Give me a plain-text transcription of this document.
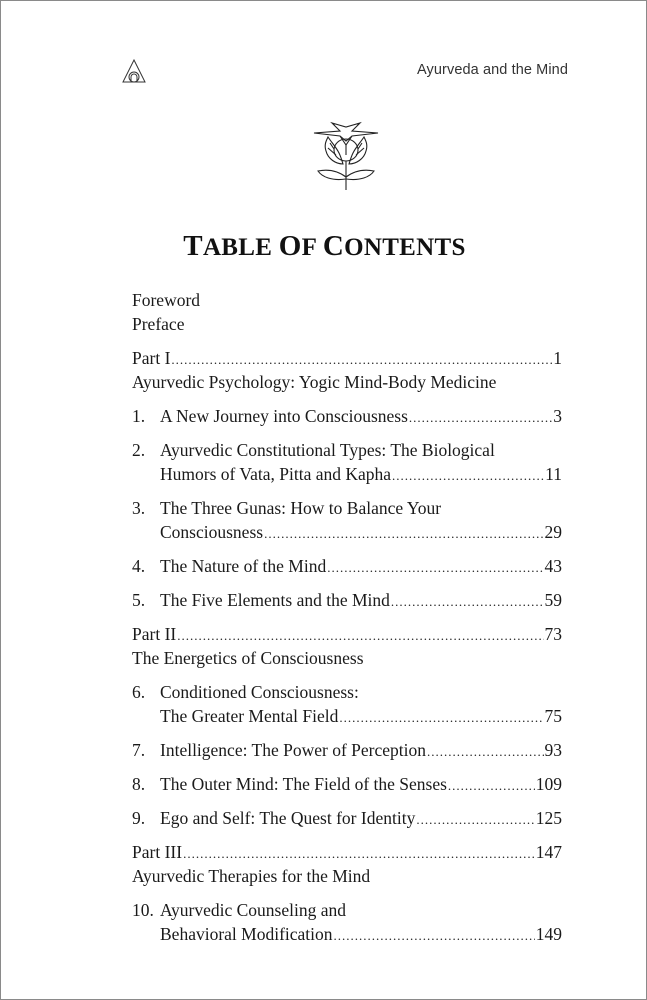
Ayurveda and the Mind
TABLE OF CONTENTS
Foreword
Preface
Part I .....	1
Ayurvedic Psychology: Yogic Mind-Body Medicine
1. A New Journey into Consciousness .....	3
2. Ayurvedic Constitutional Types: The Biological
Humors of Vata, Pitta and Kapha .....	11
3. The Three Gunas: How to Balance Your
Consciousness .....	29
4. The Nature of the Mind .....	43
5. The Five Elements and the Mind .....	59
Part II .....	73
The Energetics of Consciousness
6. Conditioned Consciousness:
The Greater Mental Field .....	75
7. Intelligence: The Power of Perception .....	93
8. The Outer Mind: The Field of the Senses .....	109
9. Ego and Self: The Quest for Identity .....	125
Part III .....	147
Ayurvedic Therapies for the Mind
10. Ayurvedic Counseling and
Behavioral Modification .....	149
